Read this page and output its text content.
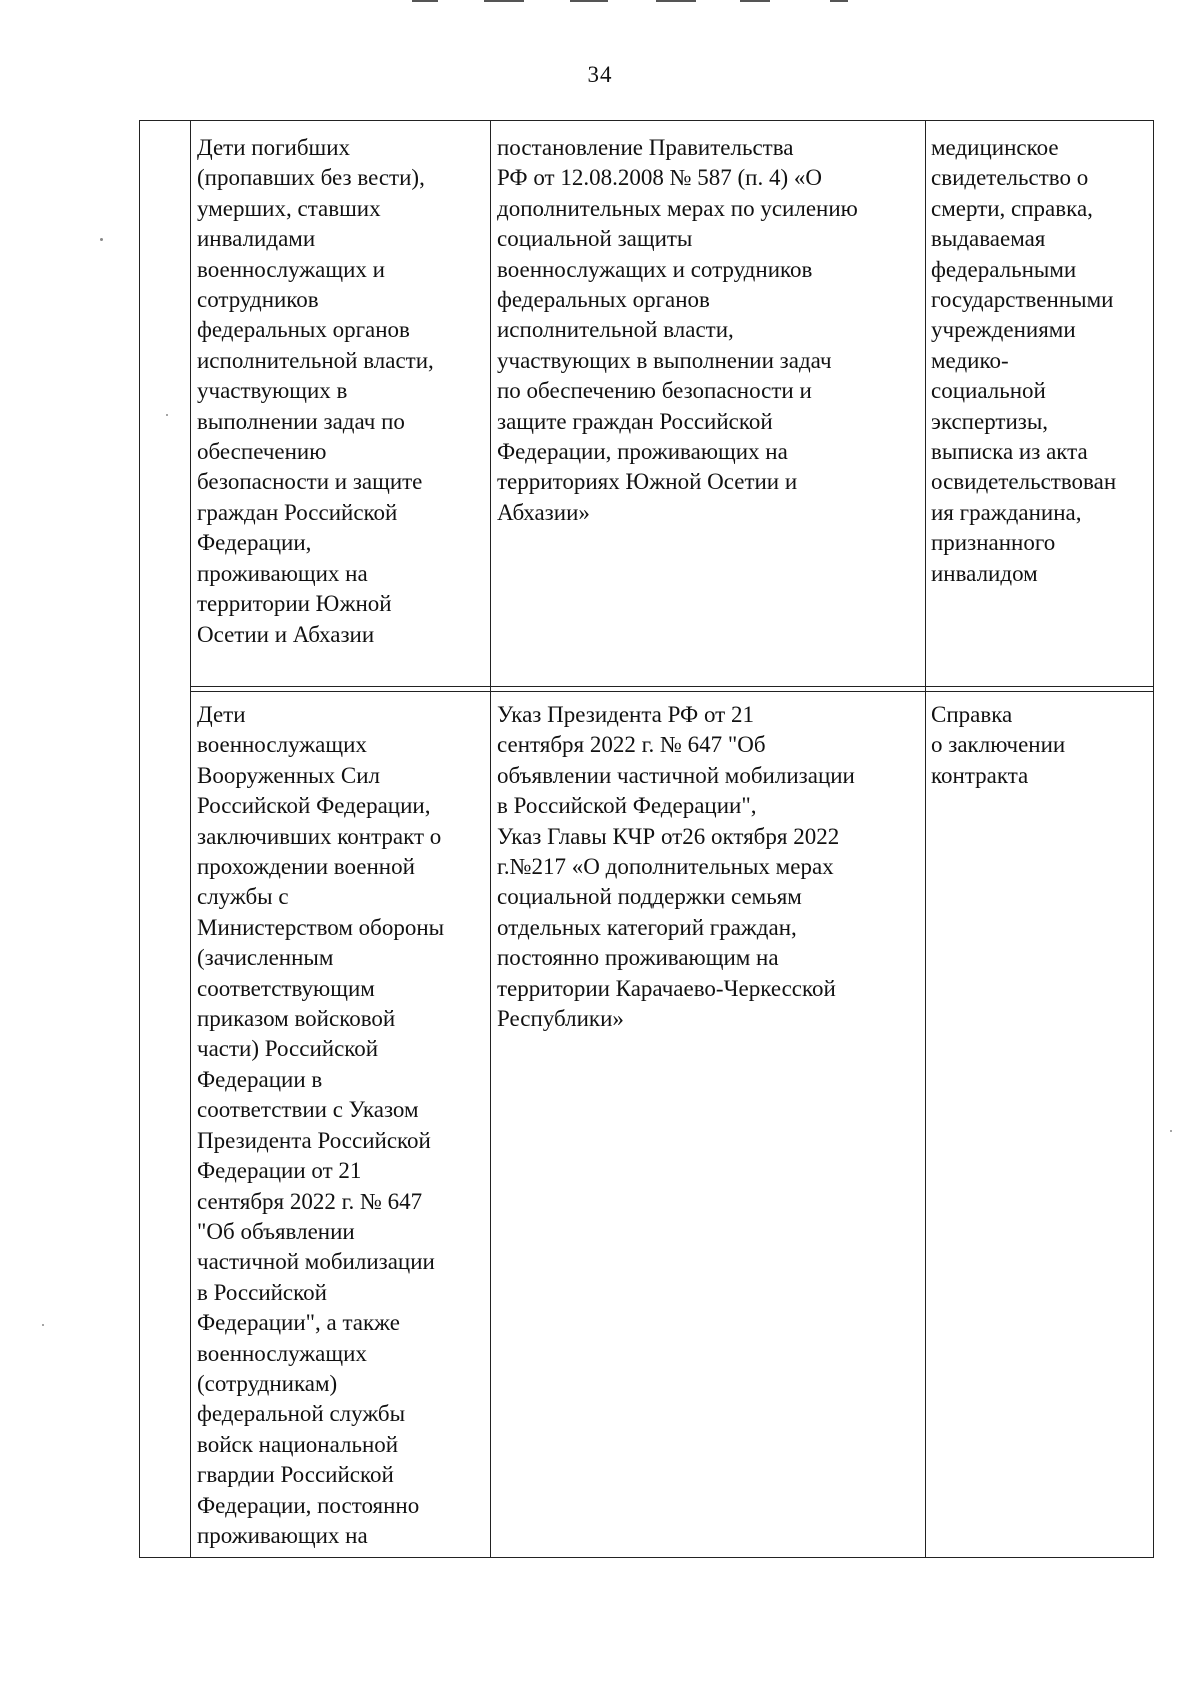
34
Дети погибших
(пропавших без вести),
умерших, ставших
инвалидами
военнослужащих и
сотрудников
федеральных органов
исполнительной власти,
участвующих в
выполнении задач по
обеспечению
безопасности и защите
граждан Российской
Федерации,
проживающих на
территории Южной
Осетии и Абхазии
постановление Правительства
РФ от 12.08.2008 № 587 (п. 4) «О
дополнительных мерах по усилению
социальной защиты
военнослужащих и сотрудников
федеральных органов
исполнительной власти,
участвующих в выполнении задач
по обеспечению безопасности и
защите граждан Российской
Федерации, проживающих на
территориях Южной Осетии и
Абхазии»
медицинское
свидетельство о
смерти, справка,
выдаваемая
федеральными
государственными
учреждениями
медико-
социальной
экспертизы,
выписка из акта
освидетельствован
ия гражданина,
признанного
инвалидом
Дети
военнослужащих
Вооруженных Сил
Российской Федерации,
заключивших контракт о
прохождении военной
службы с
Министерством обороны
(зачисленным
соответствующим
приказом войсковой
части) Российской
Федерации в
соответствии с Указом
Президента Российской
Федерации от 21
сентября 2022 г. № 647
"Об объявлении
частичной мобилизации
в Российской
Федерации", а также
военнослужащих
(сотрудникам)
федеральной службы
войск национальной
гвардии Российской
Федерации, постоянно
проживающих на
Указ Президента РФ от 21
сентября 2022 г. № 647 "Об
объявлении частичной мобилизации
в Российской Федерации",
Указ Главы КЧР от26 октября 2022
г.№217 «О дополнительных мерах
социальной поддержки семьям
отдельных категорий граждан,
постоянно проживающим на
территории Карачаево-Черкесской
Республики»
Справка
о заключении
контракта
